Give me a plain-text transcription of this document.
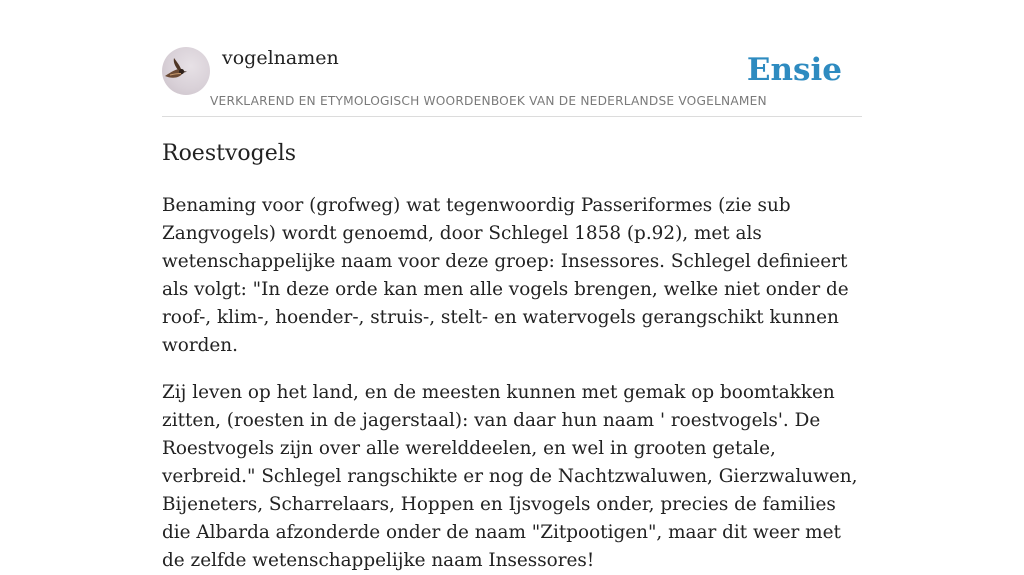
vogelnamen
VERKLAREND EN ETYMOLOGISCH WOORDENBOEK VAN DE NEDERLANDSE VOGELNAMEN
Ensie
Roestvogels

Benaming voor (grofweg) wat tegenwoordig Passeriformes (zie sub Zangvogels) wordt genoemd, door Schlegel 1858 (p.92), met als wetenschappelijke naam voor deze groep: Insessores. Schlegel definieert als volgt: "In deze orde kan men alle vogels brengen, welke niet onder de roof-, klim-, hoender-, struis-, stelt- en watervogels gerangschikt kunnen worden.

Zij leven op het land, en de meesten kunnen met gemak op boomtakken zitten, (roesten in de jagerstaal): van daar hun naam ' roestvogels'. De Roestvogels zijn over alle werelddeelen, en wel in grooten getale, verbreid." Schlegel rangschikte er nog de Nachtzwaluwen, Gierzwaluwen, Bijeneters, Scharrelaars, Hoppen en Ijsvogels onder, precies de families die Albarda afzonderde onder de naam "Zitpootigen", maar dit weer met de zelfde wetenschappelijke naam Insessores!
